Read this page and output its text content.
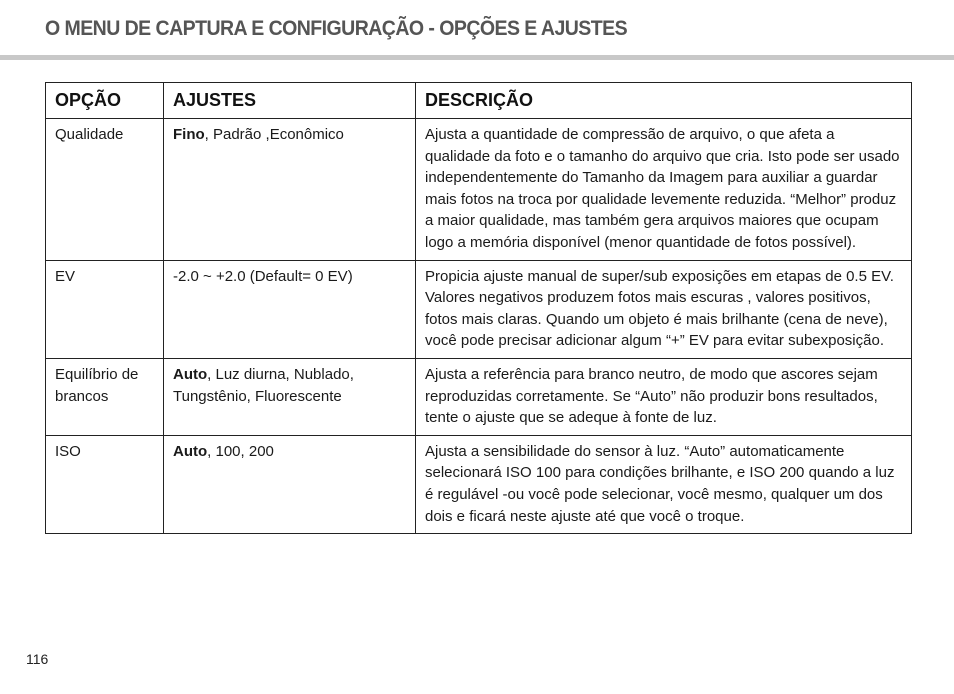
O MENU DE CAPTURA E CONFIGURAÇÃO - OPÇÕES E AJUSTES
OPÇÃO	AJUSTES	DESCRIÇÃO
Qualidade	Fino, Padrão ,Econômico	Ajusta a quantidade de compressão de arquivo, o que afeta a qualidade da foto e o tamanho do arquivo que cria. Isto pode ser usado independentemente do Tamanho da Imagem para auxiliar a guardar mais fotos na troca por qualidade levemente reduzida. “Melhor” produz a maior qualidade, mas também gera arquivos maiores que ocupam logo a memória disponível (menor quantidade de fotos possível).
EV	-2.0 ~ +2.0 (Default= 0 EV)	Propicia ajuste manual de super/sub exposições em etapas de 0.5 EV. Valores negativos produzem fotos mais escuras , valores positivos, fotos mais claras. Quando um objeto é mais brilhante (cena de neve), você pode precisar adicionar algum “+” EV para evitar subexposição.
Equilíbrio de brancos	Auto, Luz diurna, Nublado, Tungstênio, Fluorescente	Ajusta a referência para branco neutro, de modo que ascores sejam reproduzidas corretamente. Se “Auto” não produzir bons resultados, tente o ajuste que se adeque à fonte de luz.
ISO	Auto, 100, 200	Ajusta a sensibilidade do sensor à luz. “Auto” automaticamente selecionará ISO 100 para condições brilhante, e ISO 200 quando a luz é regulável -ou você pode selecionar, você mesmo, qualquer um dos dois e ficará neste ajuste até que você o troque.
116
